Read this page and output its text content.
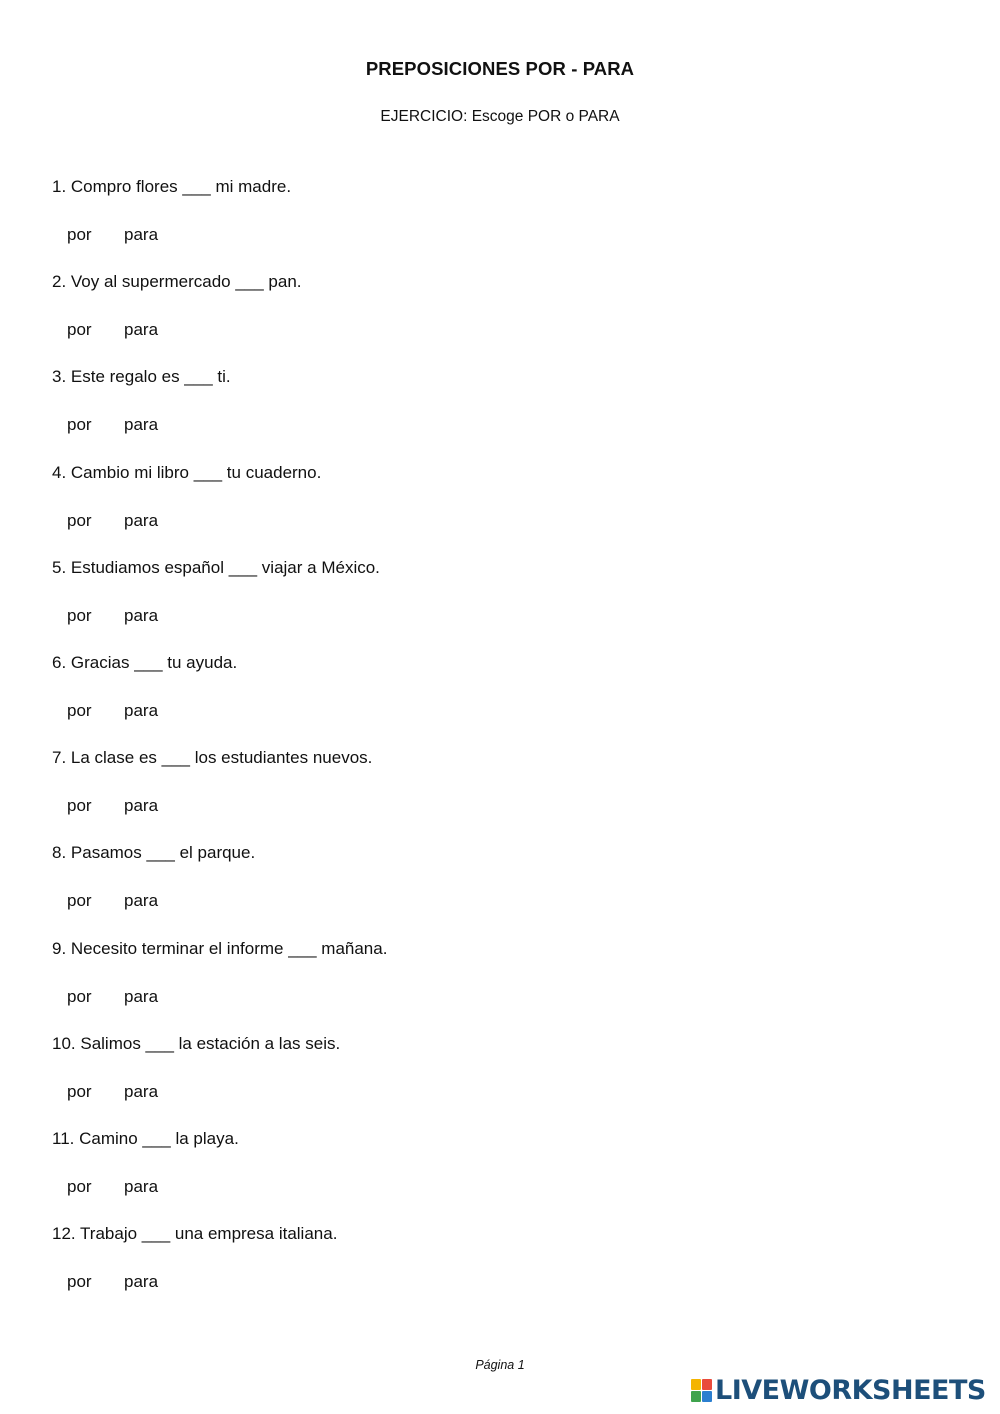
PREPOSICIONES POR - PARA
EJERCICIO: Escoge POR o PARA
1. Compro flores ___ mi madre.
por para
2. Voy al supermercado ___ pan.
por para
3. Este regalo es ___ ti.
por para
4. Cambio mi libro ___ tu cuaderno.
por para
5. Estudiamos español ___ viajar a México.
por para
6. Gracias ___ tu ayuda.
por para
7. La clase es ___ los estudiantes nuevos.
por para
8. Pasamos ___ el parque.
por para
9. Necesito terminar el informe ___ mañana.
por para
10. Salimos ___ la estación a las seis.
por para
11. Camino ___ la playa.
por para
12. Trabajo ___ una empresa italiana.
por para
Página 1
LIVEWORKSHEETS
